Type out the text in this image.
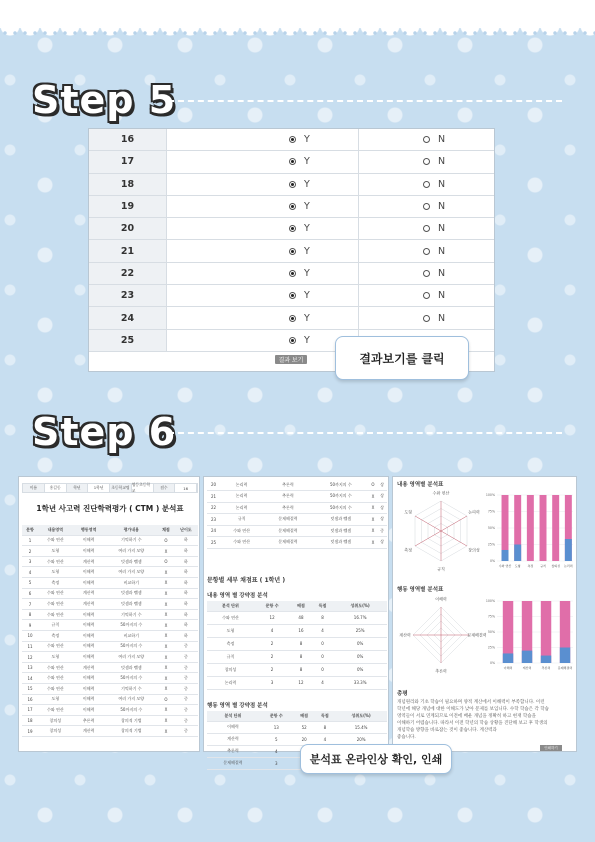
Step 5
16	Y	N
17	Y	N
18	Y	N
19	Y	N
20	Y	N
21	Y	N
22	Y	N
23	Y	N
24	Y	N
25	Y
결과 보기	결과보기를 클릭
Step 6
이름	홍길동	학년	1학년	초등학교명
영등초등학교
점수	16
1학년 사고력 진단학력평가 ( CTM ) 분석표
문항	내용영역	행동영역	평가내용	채점	난이도
1	수와 연산	이해력	기억하기 수	O	하
2	도형	이해력	여러 가지 모양	X	하
3	수와 연산	계산력	덧셈과 뺄셈	O	하
4	도형	이해력	여러 가지 모양	X	하
5	측정	이해력	비교하기	X	하
6	수와 연산	계산력	덧셈과 뺄셈	X	하
7	수와 연산	계산력	덧셈과 뺄셈	X	하
8	수와 연산	이해력	기억하기 수	X	하
9	규칙	이해력	50까지의 수	X	하
10	측정	이해력	비교하기	X	하
11	수와 연산	이해력	50까지의 수	X	중
12	도형	이해력	여러 가지 모양	X	중
13	수와 연산	계산력	덧셈과 뺄셈	X	중
14	수와 연산	이해력	50까지의 수	X	중
15	수와 연산	이해력	기억하기 수	X	중
16	도형	이해력	여러 가지 모양	O	중
17	수와 연산	이해력	50까지의 수	X	중
18	창의성	추론력	창의적 기법	X	중
19	창의성	계산력	창의적 기법	X	중
20	논리력	추론력	50까지의 수	O	상
21	논리력	추론력	50까지의 수	X	상
22	논리력	추론력	50까지의 수	X	상
23	규칙	문제해결력	덧셈과 뺄셈	X	상
24	수와 연산	문제해결력	덧셈과 뺄셈	X	중
25	수와 연산	문제해결력	덧셈과 뺄셈	X	상
문항별 세부 채점표 ( 1학년 )
내용 영역 별 강약점 분석
분석 단위	문항 수	배점	득점	성취도(%)
수와 연산	12	48	8	16.7%
도형	4	16	4	25%
측정	2	8	0	0%
규칙	2	8	0	0%
창의성	2	8	0	0%
논리력	3	12	4	33.3%
행동 영역 별 강약점 분석
분석 단위	문항 수	배점	득점	성취도(%)
이해력	13	52	8	15.4%
계산력	5	20	4	20%
추론력	4			
문제해결력	3			
내용 영역별 분석표
수와 연산
논리력
창의성
규칙
측정
도형
0%
25%
50%
75%
100%
수와 연산 도형 측정 규칙 창의성 논리력
행동 영역별 분석표
이해력
문제해결력
추론력
계산력
0%
25%
50%
75%
100%
이해력	계산력	추론력 문제해결력
총평
개념원리와 기초 학습이 필요하며 양적 계산에서 이해력이 부족합니다. 이런
학년에 해당 개념에 대한 이해도가 낮아 문제를 보입니다. 수학 학습은 각 학습
영역들이 서로 연계되므로 이전에 배운 개념을 정확히 하고 현재 학습을
이해하기 어렵습니다. 따라서 이전 학년의 학습 상황을 진단해 보고 후 학생의
개념학습 방향을 바로잡는 것이 좋습니다. 계산력과
좋습니다.
인쇄하기
분석표 온라인상 확인, 인쇄
